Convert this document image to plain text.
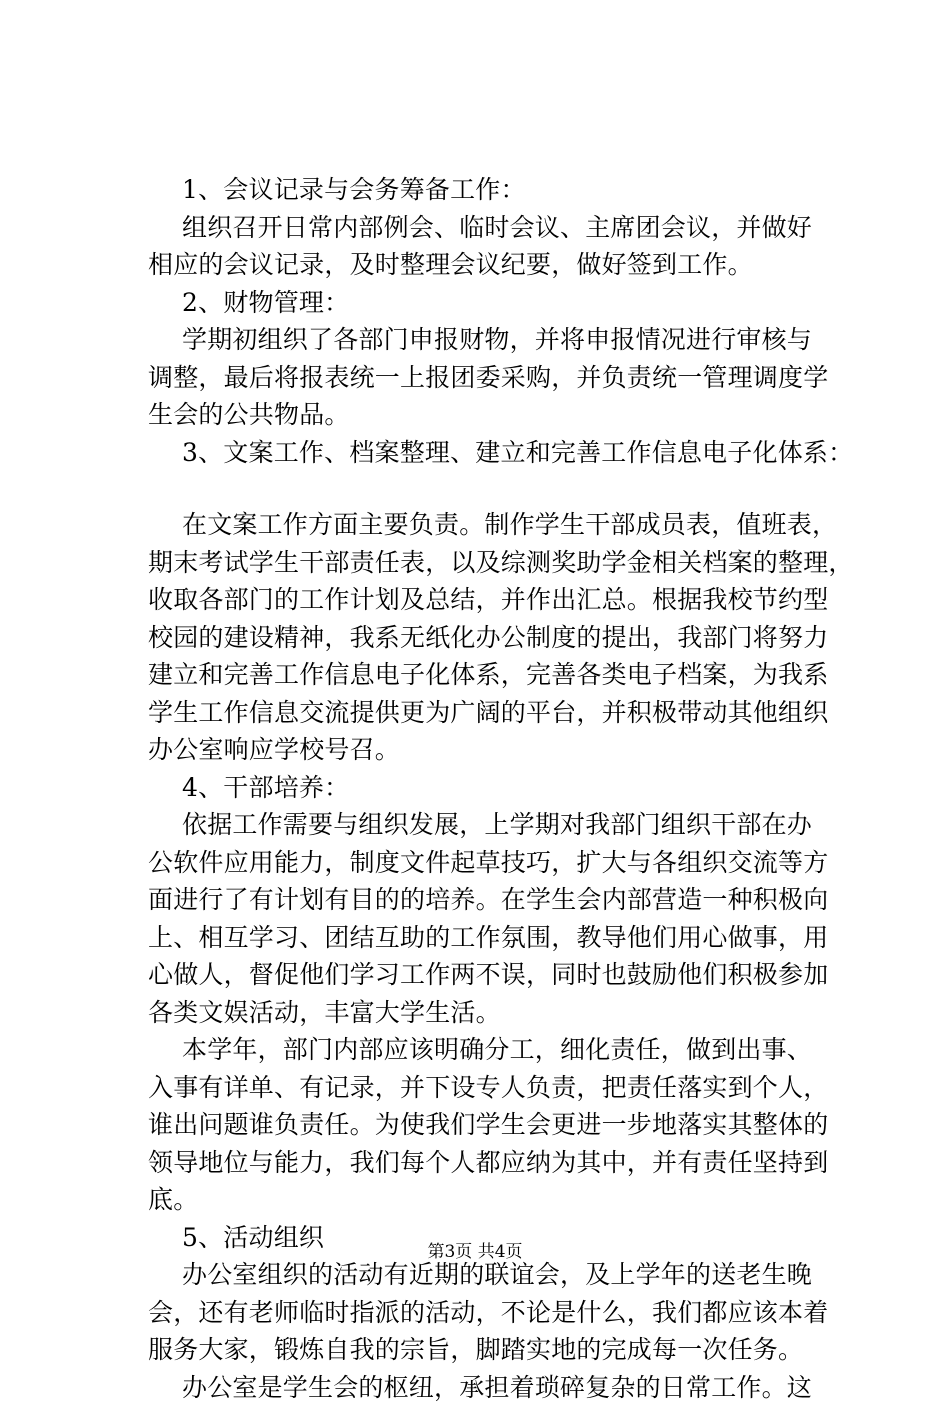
1、会议记录与会务筹备工作：
组织召开日常内部例会、临时会议、主席团会议，并做好
相应的会议记录，及时整理会议纪要，做好签到工作。
2、财物管理：
学期初组织了各部门申报财物，并将申报情况进行审核与
调整，最后将报表统一上报团委采购，并负责统一管理调度学
生会的公共物品。
3、文案工作、档案整理、建立和完善工作信息电子化体系：
在文案工作方面主要负责。制作学生干部成员表，值班表，
期末考试学生干部责任表，以及综测奖助学金相关档案的整理，
收取各部门的工作计划及总结，并作出汇总。根据我校节约型
校园的建设精神，我系无纸化办公制度的提出，我部门将努力
建立和完善工作信息电子化体系，完善各类电子档案，为我系
学生工作信息交流提供更为广阔的平台，并积极带动其他组织
办公室响应学校号召。
4、干部培养：
依据工作需要与组织发展，上学期对我部门组织干部在办
公软件应用能力，制度文件起草技巧，扩大与各组织交流等方
面进行了有计划有目的的培养。在学生会内部营造一种积极向
上、相互学习、团结互助的工作氛围，教导他们用心做事，用
心做人，督促他们学习工作两不误，同时也鼓励他们积极参加
各类文娱活动，丰富大学生活。
本学年，部门内部应该明确分工，细化责任，做到出事、
入事有详单、有记录，并下设专人负责，把责任落实到个人，
谁出问题谁负责任。为使我们学生会更进一步地落实其整体的
领导地位与能力，我们每个人都应纳为其中，并有责任坚持到
底。
5、活动组织
办公室组织的活动有近期的联谊会，及上学年的送老生晚
会，还有老师临时指派的活动，不论是什么，我们都应该本着
服务大家，锻炼自我的宗旨，脚踏实地的完成每一次任务。
办公室是学生会的枢纽，承担着琐碎复杂的日常工作。这
第3页 共4页
